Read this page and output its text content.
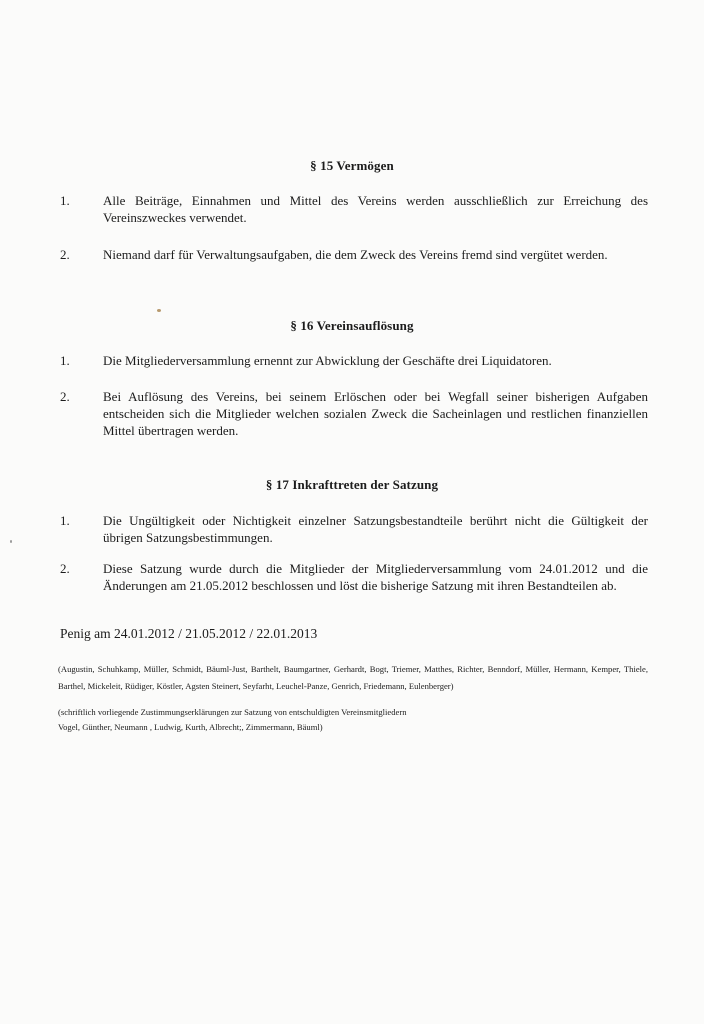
§ 15 Vermögen
1.	Alle Beiträge, Einnahmen und Mittel des Vereins werden ausschließlich zur Erreichung des Vereinszweckes verwendet.
2.	Niemand darf für Verwaltungsaufgaben, die dem Zweck des Vereins fremd sind vergütet werden.
§ 16 Vereinsauflösung
1.	Die Mitgliederversammlung ernennt zur Abwicklung der Geschäfte drei Liquidatoren.
2.	Bei Auflösung des Vereins, bei seinem Erlöschen oder bei Wegfall seiner bisherigen Aufgaben entscheiden sich die Mitglieder welchen sozialen Zweck die Sacheinlagen und restlichen finanziellen Mittel übertragen werden.
§ 17 Inkrafttreten der Satzung
1.	Die Ungültigkeit oder Nichtigkeit einzelner Satzungsbestandteile berührt nicht die Gültigkeit der übrigen Satzungsbestimmungen.
2.	Diese Satzung wurde durch die Mitglieder der Mitgliederversammlung vom 24.01.2012 und die Änderungen am 21.05.2012 beschlossen und löst die bisherige Satzung mit ihren Bestandteilen ab.
Penig am 24.01.2012 / 21.05.2012 / 22.01.2013
(Augustin, Schuhkamp, Müller, Schmidt, Bäuml-Just, Barthelt, Baumgartner, Gerhardt, Bogt, Triemer, Matthes, Richter, Benndorf, Müller, Hermann, Kemper, Thiele, Barthel, Mickeleit, Rüdiger, Köstler, Agsten Steinert, Seyfarht, Leuchel-Panze, Genrich, Friedemann, Eulenberger)
(schriftlich vorliegende Zustimmungserklärungen zur Satzung von entschuldigten Vereinsmitgliedern
Vogel, Günther, Neumann , Ludwig, Kurth, Albrecht;, Zimmermann, Bäuml)
